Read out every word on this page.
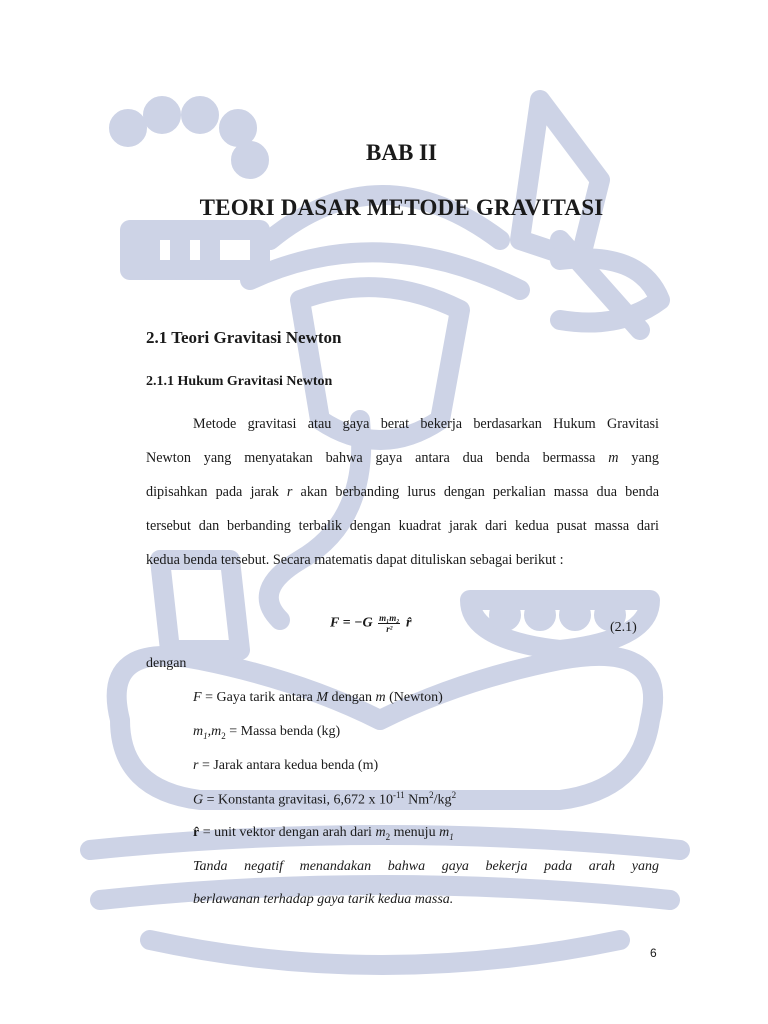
BAB II
TEORI DASAR METODE GRAVITASI
2.1 Teori Gravitasi Newton
2.1.1 Hukum Gravitasi Newton
Metode gravitasi atau gaya berat bekerja berdasarkan Hukum Gravitasi
Newton yang menyatakan bahwa gaya antara dua benda bermassa m yang
dipisahkan pada jarak r akan berbanding lurus dengan perkalian massa dua benda
tersebut dan berbanding terbalik dengan kuadrat jarak dari kedua pusat massa dari
kedua benda tersebut. Secara matematis dapat dituliskan sebagai berikut :
$F = -G \frac{\text{m₁m₂}}{\text{r²}}$ r̂	(2.1)
dengan
F = Gaya tarik antara M dengan m (Newton)
$m_1,m_2$ = Massa benda (kg)
r = Jarak antara kedua benda (m)
G = Konstanta gravitasi, 6,672 x $10^{-11}$ $Nm^2/kg^2$
r̂ = unit vektor dengan arah dari $m_2$ menuju $m_1$
Tanda negatif menandakan bahwa gaya bekerja pada arah yang
berlawanan terhadap gaya tarik kedua massa.
6
